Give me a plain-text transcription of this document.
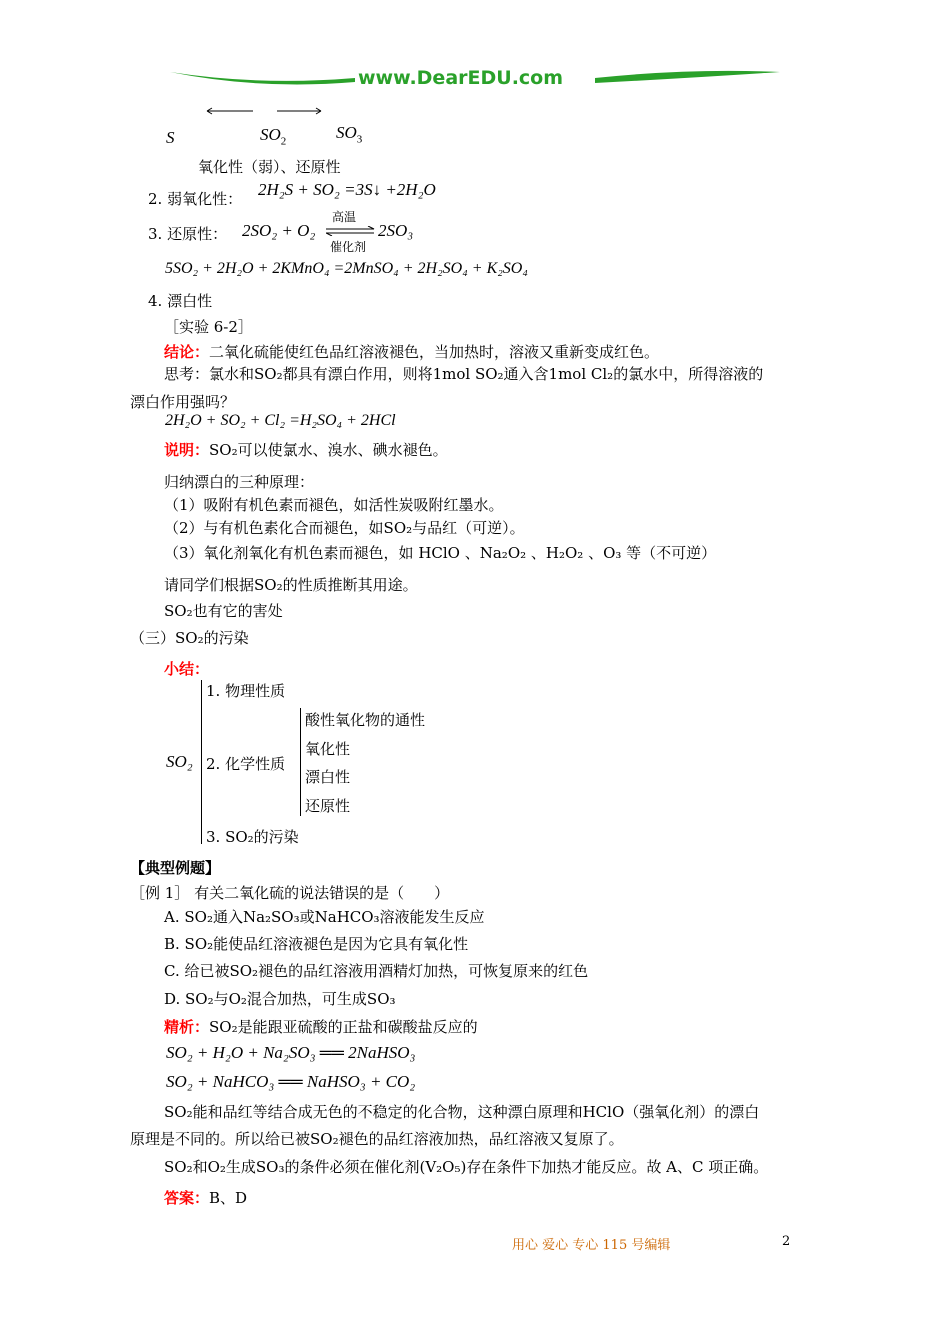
www.DearEDU.com
S	$SO_2$	$SO_3$
氧化性（弱）、还原性
2. 弱氧化性： 2H₂S + SO₂ =3S↓ +2H₂O
3. 还原性： 2SO₂ + O₂
高温
催化剂
2SO₃
5SO₂ + 2H₂O + 2KMnO₄ =2MnSO₄ + 2H₂SO₄ + K₂SO₄
4. 漂白性
［实验 6-2］
结论：二氧化硫能使红色品红溶液褪色，当加热时，溶液又重新变成红色。
思考：氯水和SO₂都具有漂白作用，则将1mol SO₂通入含1mol Cl₂的氯水中，所得溶液的
漂白作用强吗？
2H₂O + SO₂ + Cl₂ =H₂SO₄ + 2HCl
说明：SO₂可以使氯水、溴水、碘水褪色。
归纳漂白的三种原理：
（1）吸附有机色素而褪色，如活性炭吸附红墨水。
（2）与有机色素化合而褪色，如SO₂与品红（可逆）。
（3）氧化剂氧化有机色素而褪色，如 HClO 、Na₂O₂ 、H₂O₂ 、O₃ 等（不可逆）
请同学们根据SO₂的性质推断其用途。
SO₂也有它的害处
（三）SO₂的污染
小结：
SO₂
1. 物理性质
2. 化学性质
酸性氧化物的通性
氧化性
漂白性
还原性
3. SO₂的污染
【典型例题】
［例 1］ 有关二氧化硫的说法错误的是（　　）
A. SO₂通入Na₂SO₃或NaHCO₃溶液能发生反应
B. SO₂能使品红溶液褪色是因为它具有氧化性
C. 给已被SO₂褪色的品红溶液用酒精灯加热，可恢复原来的红色
D. SO₂与O₂混合加热，可生成SO₃
精析：SO₂是能跟亚硫酸的正盐和碳酸盐反应的
SO₂ + H₂O + Na₂SO₃ ══ 2NaHSO₃
SO₂ + NaHCO₃ ══ NaHSO₃ + CO₂
SO₂能和品红等结合成无色的不稳定的化合物，这种漂白原理和HClO（强氧化剂）的漂白
原理是不同的。所以给已被SO₂褪色的品红溶液加热，品红溶液又复原了。
SO₂和O₂生成SO₃的条件必须在催化剂(V₂O₅)存在条件下加热才能反应。故 A、C 项正确。
答案：B、D
用心 爱心 专心 115 号编辑	2
